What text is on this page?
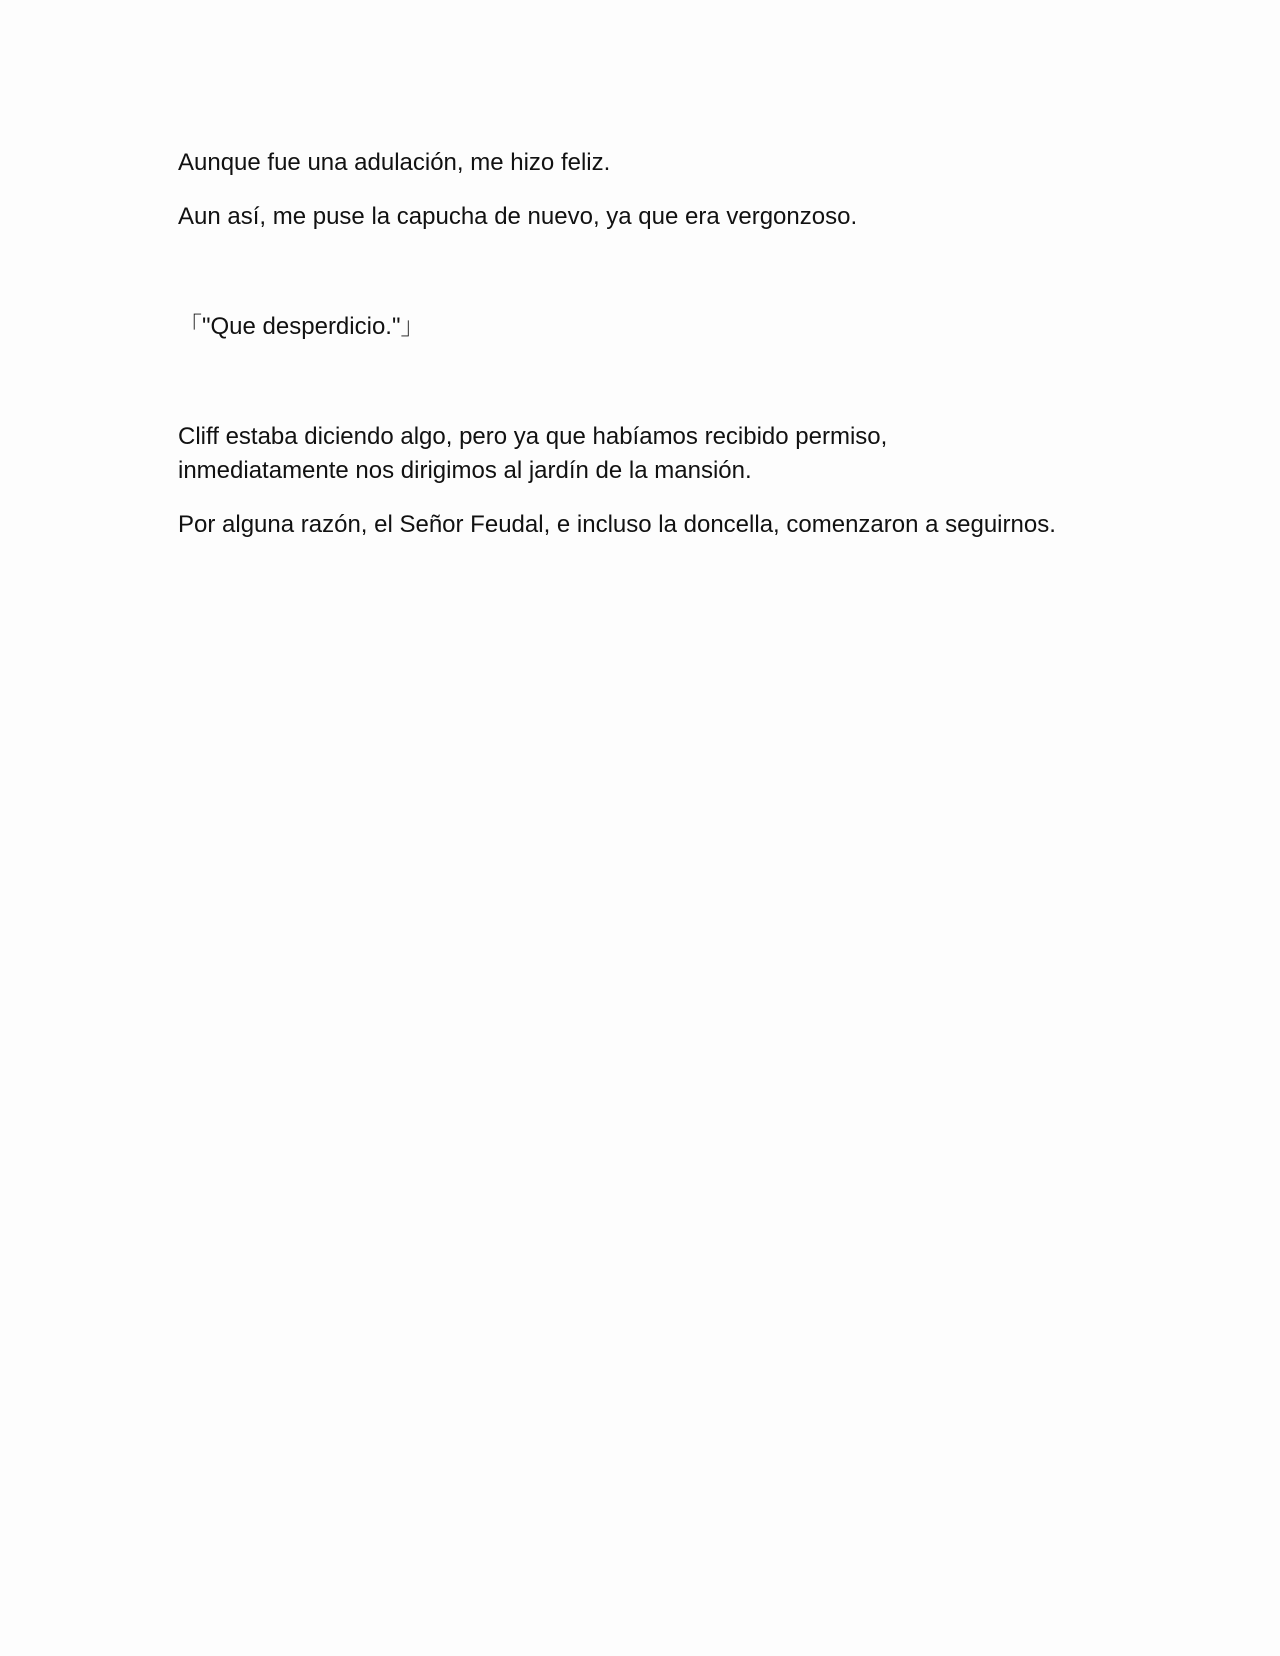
Aunque fue una adulación, me hizo feliz.

Aun así, me puse la capucha de nuevo, ya que era vergonzoso.

「"Que desperdicio."」

Cliff estaba diciendo algo, pero ya que habíamos recibido permiso,
inmediatamente nos dirigimos al jardín de la mansión.

Por alguna razón, el Señor Feudal, e incluso la doncella, comenzaron a seguirnos.
